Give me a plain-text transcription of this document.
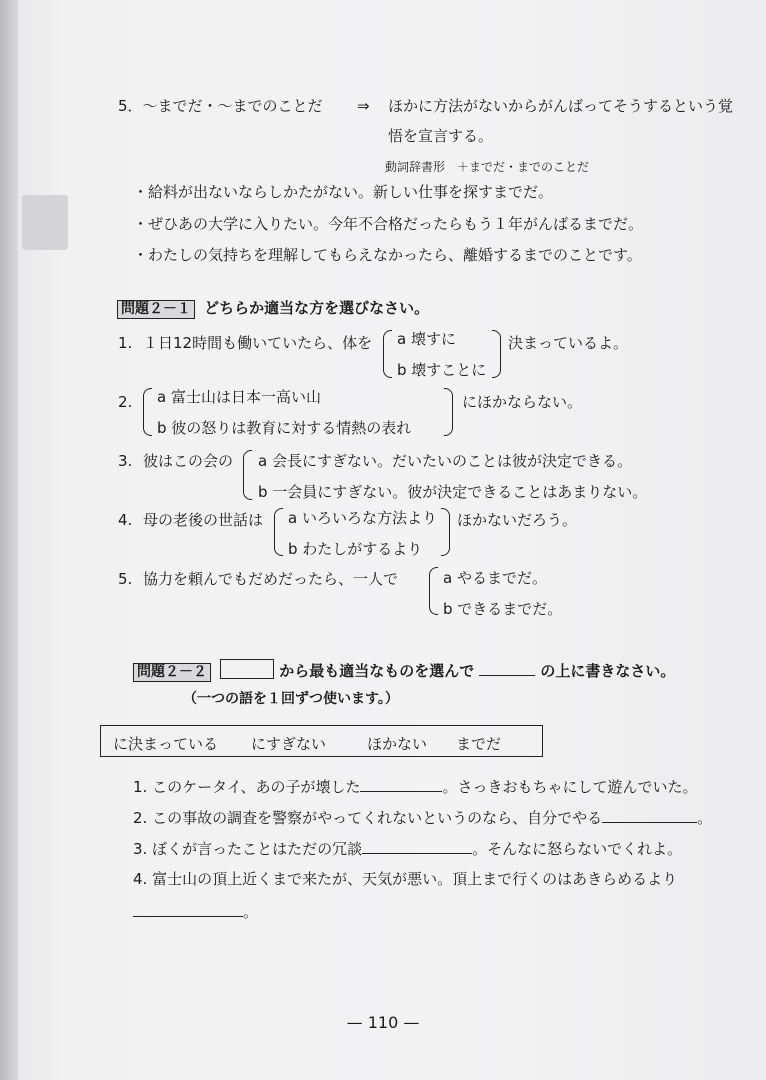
5．～までだ・～までのことだ ⇒ ほかに方法がないからがんばってそうするという覚
悟を宣言する。
動詞辞書形　＋までだ・までのことだ
・給料が出ないならしかたがない。新しい仕事を探すまでだ。
・ぜひあの大学に入りたい。今年不合格だったらもう１年がんばるまでだ。
・わたしの気持ちを理解してもらえなかったら、離婚するまでのことです。
問題２－１ どちらか適当な方を選びなさい。
1. １日12時間も働いていたら、体を a 壊すに
b 壊すことに
決まっているよ。
2. a 富士山は日本一高い山
b 彼の怒りは教育に対する情熱の表れ
にほかならない。
3. 彼はこの会の a 会長にすぎない。だいたいのことは彼が決定できる。
b 一会員にすぎない。彼が決定できることはあまりない。
4. 母の老後の世話は a いろいろな方法より
b わたしがするより
ほかないだろう。
5. 協力を頼んでもだめだったら、一人で	a やるまでだ。
b できるまでだ。
問題２－２	から最も適当なものを選んで	の上に書きなさい。
（一つの語を１回ずつ使います。）
に決まっている にすぎない	ほかない までだ
1. このケータイ、あの子が壊した	。さっきおもちゃにして遊んでいた。
2. この事故の調査を警察がやってくれないというのなら、自分でやる	。
3. ぼくが言ったことはただの冗談	。そんなに怒らないでくれよ。
4. 富士山の頂上近くまで来たが、天気が悪い。頂上まで行くのはあきらめるより
。
— 110 —
